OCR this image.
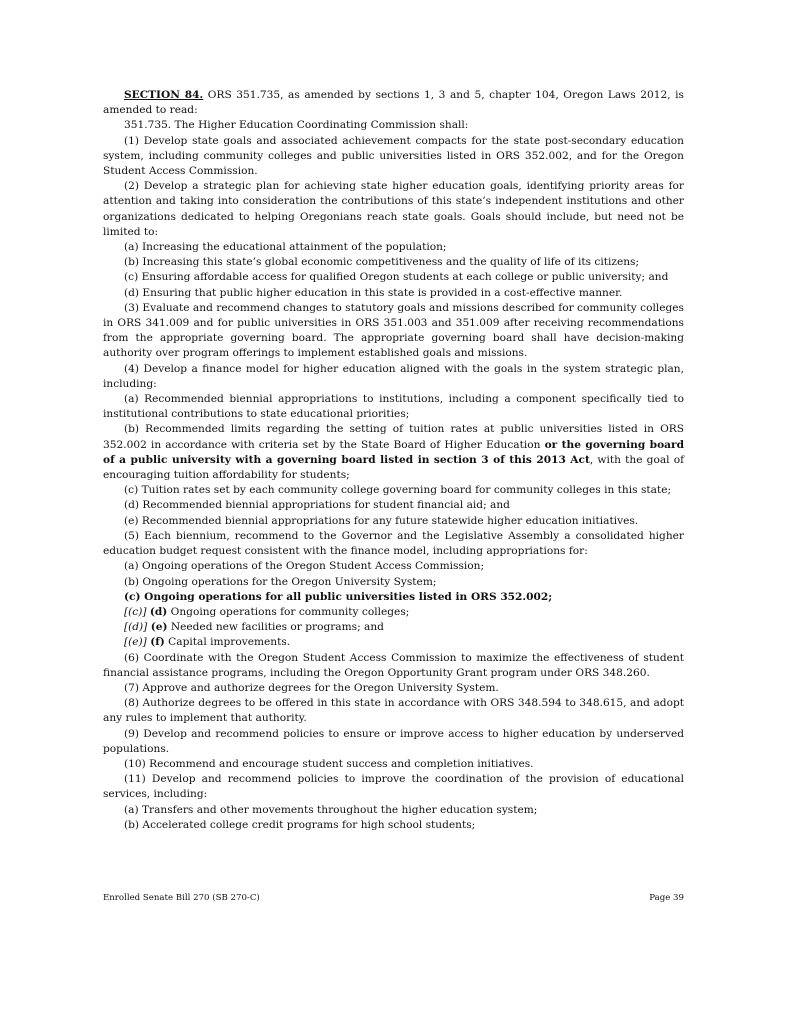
SECTION 84. ORS 351.735, as amended by sections 1, 3 and 5, chapter 104, Oregon Laws 2012, is amended to read:

351.735. The Higher Education Coordinating Commission shall:

(1) Develop state goals and associated achievement compacts for the state post-secondary education system, including community colleges and public universities listed in ORS 352.002, and for the Oregon Student Access Commission.

(2) Develop a strategic plan for achieving state higher education goals, identifying priority areas for attention and taking into consideration the contributions of this state’s independent institutions and other organizations dedicated to helping Oregonians reach state goals. Goals should include, but need not be limited to:

(a) Increasing the educational attainment of the population;

(b) Increasing this state’s global economic competitiveness and the quality of life of its citizens;

(c) Ensuring affordable access for qualified Oregon students at each college or public university; and

(d) Ensuring that public higher education in this state is provided in a cost-effective manner.

(3) Evaluate and recommend changes to statutory goals and missions described for community colleges in ORS 341.009 and for public universities in ORS 351.003 and 351.009 after receiving recommendations from the appropriate governing board. The appropriate governing board shall have decision-making authority over program offerings to implement established goals and missions.

(4) Develop a finance model for higher education aligned with the goals in the system strategic plan, including:

(a) Recommended biennial appropriations to institutions, including a component specifically tied to institutional contributions to state educational priorities;

(b) Recommended limits regarding the setting of tuition rates at public universities listed in ORS 352.002 in accordance with criteria set by the State Board of Higher Education or the governing board of a public university with a governing board listed in section 3 of this 2013 Act, with the goal of encouraging tuition affordability for students;

(c) Tuition rates set by each community college governing board for community colleges in this state;

(d) Recommended biennial appropriations for student financial aid; and

(e) Recommended biennial appropriations for any future statewide higher education initiatives.

(5) Each biennium, recommend to the Governor and the Legislative Assembly a consolidated higher education budget request consistent with the finance model, including appropriations for:

(a) Ongoing operations of the Oregon Student Access Commission;

(b) Ongoing operations for the Oregon University System;

(c) Ongoing operations for all public universities listed in ORS 352.002;

[(c)] (d) Ongoing operations for community colleges;

[(d)] (e) Needed new facilities or programs; and

[(e)] (f) Capital improvements.

(6) Coordinate with the Oregon Student Access Commission to maximize the effectiveness of student financial assistance programs, including the Oregon Opportunity Grant program under ORS 348.260.

(7) Approve and authorize degrees for the Oregon University System.

(8) Authorize degrees to be offered in this state in accordance with ORS 348.594 to 348.615, and adopt any rules to implement that authority.

(9) Develop and recommend policies to ensure or improve access to higher education by underserved populations.

(10) Recommend and encourage student success and completion initiatives.

(11) Develop and recommend policies to improve the coordination of the provision of educational services, including:

(a) Transfers and other movements throughout the higher education system;

(b) Accelerated college credit programs for high school students;

Enrolled Senate Bill 270 (SB 270-C)	Page 39
